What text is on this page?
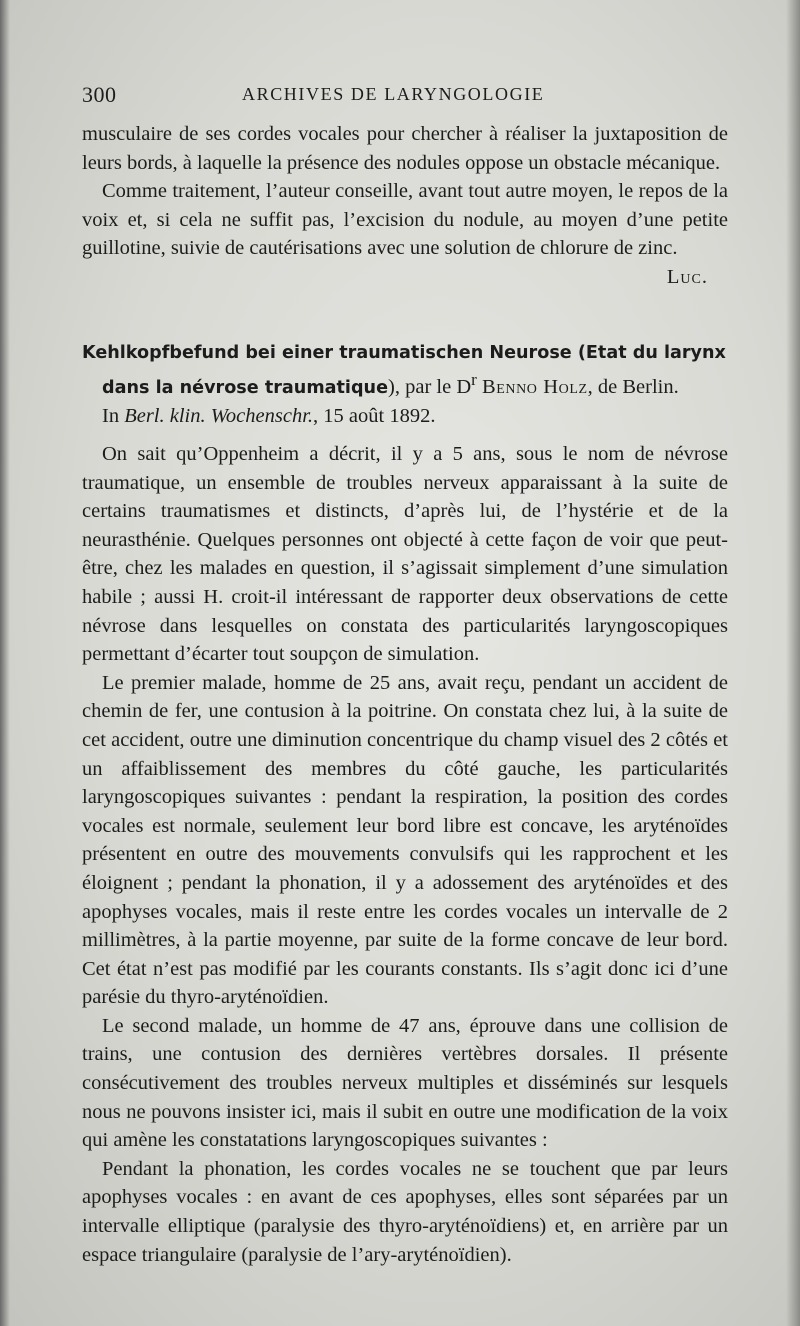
300	ARCHIVES DE LARYNGOLOGIE

musculaire de ses cordes vocales pour chercher à réaliser la juxtaposition de leurs bords, à laquelle la présence des nodules oppose un obstacle mécanique.

Comme traitement, l’auteur conseille, avant tout autre moyen, le repos de la voix et, si cela ne suffit pas, l’excision du nodule, au moyen d’une petite guillotine, suivie de cautérisations avec une solution de chlorure de zinc.
Luc.

Kehlkopfbefund bei einer traumatischen Neurose (Etat du larynx
dans la névrose traumatique), par le $D^r$ Benno Holz, de Berlin.
In Berl. klin. Wochenschr., 15 août 1892.

On sait qu’Oppenheim a décrit, il y a 5 ans, sous le nom de névrose traumatique, un ensemble de troubles nerveux apparaissant à la suite de certains traumatismes et distincts, d’après lui, de l’hystérie et de la neurasthénie. Quelques personnes ont objecté à cette façon de voir que peut-être, chez les malades en question, il s’agissait simplement d’une simulation habile ; aussi H. croit-il intéressant de rapporter deux observations de cette névrose dans lesquelles on constata des particularités laryngoscopiques permettant d’écarter tout soupçon de simulation.

Le premier malade, homme de 25 ans, avait reçu, pendant un accident de chemin de fer, une contusion à la poitrine. On constata chez lui, à la suite de cet accident, outre une diminution concentrique du champ visuel des 2 côtés et un affaiblissement des membres du côté gauche, les particularités laryngoscopiques suivantes : pendant la respiration, la position des cordes vocales est normale, seulement leur bord libre est concave, les aryténoïdes présentent en outre des mouvements convulsifs qui les rapprochent et les éloignent ; pendant la phonation, il y a adossement des aryténoïdes et des apophyses vocales, mais il reste entre les cordes vocales un intervalle de 2 millimètres, à la partie moyenne, par suite de la forme concave de leur bord. Cet état n’est pas modifié par les courants constants. Ils s’agit donc ici d’une parésie du thyro-aryténoïdien.

Le second malade, un homme de 47 ans, éprouve dans une collision de trains, une contusion des dernières vertèbres dorsales. Il présente consécutivement des troubles nerveux multiples et disséminés sur lesquels nous ne pouvons insister ici, mais il subit en outre une modification de la voix qui amène les constatations laryngoscopiques suivantes :

Pendant la phonation, les cordes vocales ne se touchent que par leurs apophyses vocales : en avant de ces apophyses, elles sont séparées par un intervalle elliptique (paralysie des thyro-aryténoïdiens) et, en arrière par un espace triangulaire (paralysie de l’ary-aryténoïdien).
